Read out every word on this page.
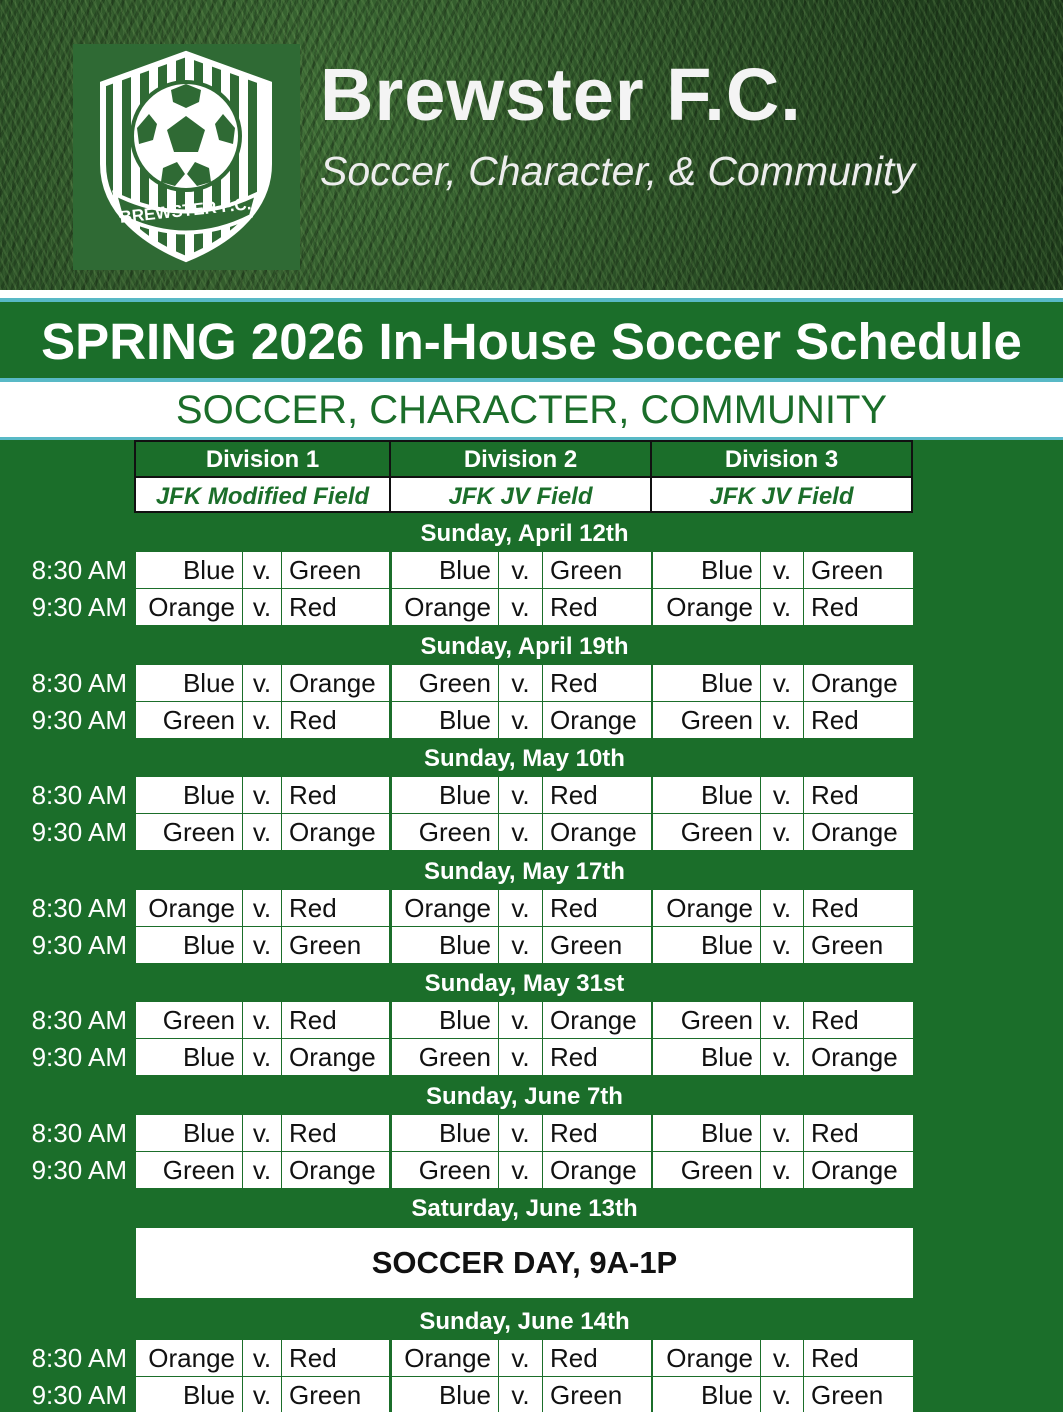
BREWSTER F.C.
Brewster F.C.
Soccer, Character, & Community
SPRING 2026 In-House Soccer Schedule
SOCCER, CHARACTER, COMMUNITY
Division 1	Division 2	Division 3
JFK Modified Field	JFK JV Field	JFK JV Field
Sunday, April 12th
8:30 AM	Blue v. Green	Blue v. Green	Blue v. Green
9:30 AM Orange v. Red	Orange v. Red	Orange v. Red
Sunday, April 19th
8:30 AM	Blue v. Orange	Green v. Red	Blue v. Orange
9:30 AM	Green v. Red	Blue v. Orange	Green v. Red
Sunday, May 10th
8:30 AM	Blue v. Red	Blue v. Red	Blue v. Red
9:30 AM	Green v. Orange	Green v. Orange	Green v. Orange
Sunday, May 17th
8:30 AM Orange v. Red	Orange v. Red	Orange v. Red
9:30 AM	Blue v. Green	Blue v. Green	Blue v. Green
Sunday, May 31st
8:30 AM	Green v. Red	Blue v. Orange	Green v. Red
9:30 AM	Blue v. Orange	Green v. Red	Blue v. Orange
Sunday, June 7th
8:30 AM	Blue v. Red	Blue v. Red	Blue v. Red
9:30 AM	Green v. Orange	Green v. Orange	Green v. Orange
Saturday, June 13th
SOCCER DAY, 9A-1P
Sunday, June 14th
8:30 AM Orange v. Red	Orange v. Red	Orange v. Red
9:30 AM	Blue v. Green	Blue v. Green	Blue v. Green
